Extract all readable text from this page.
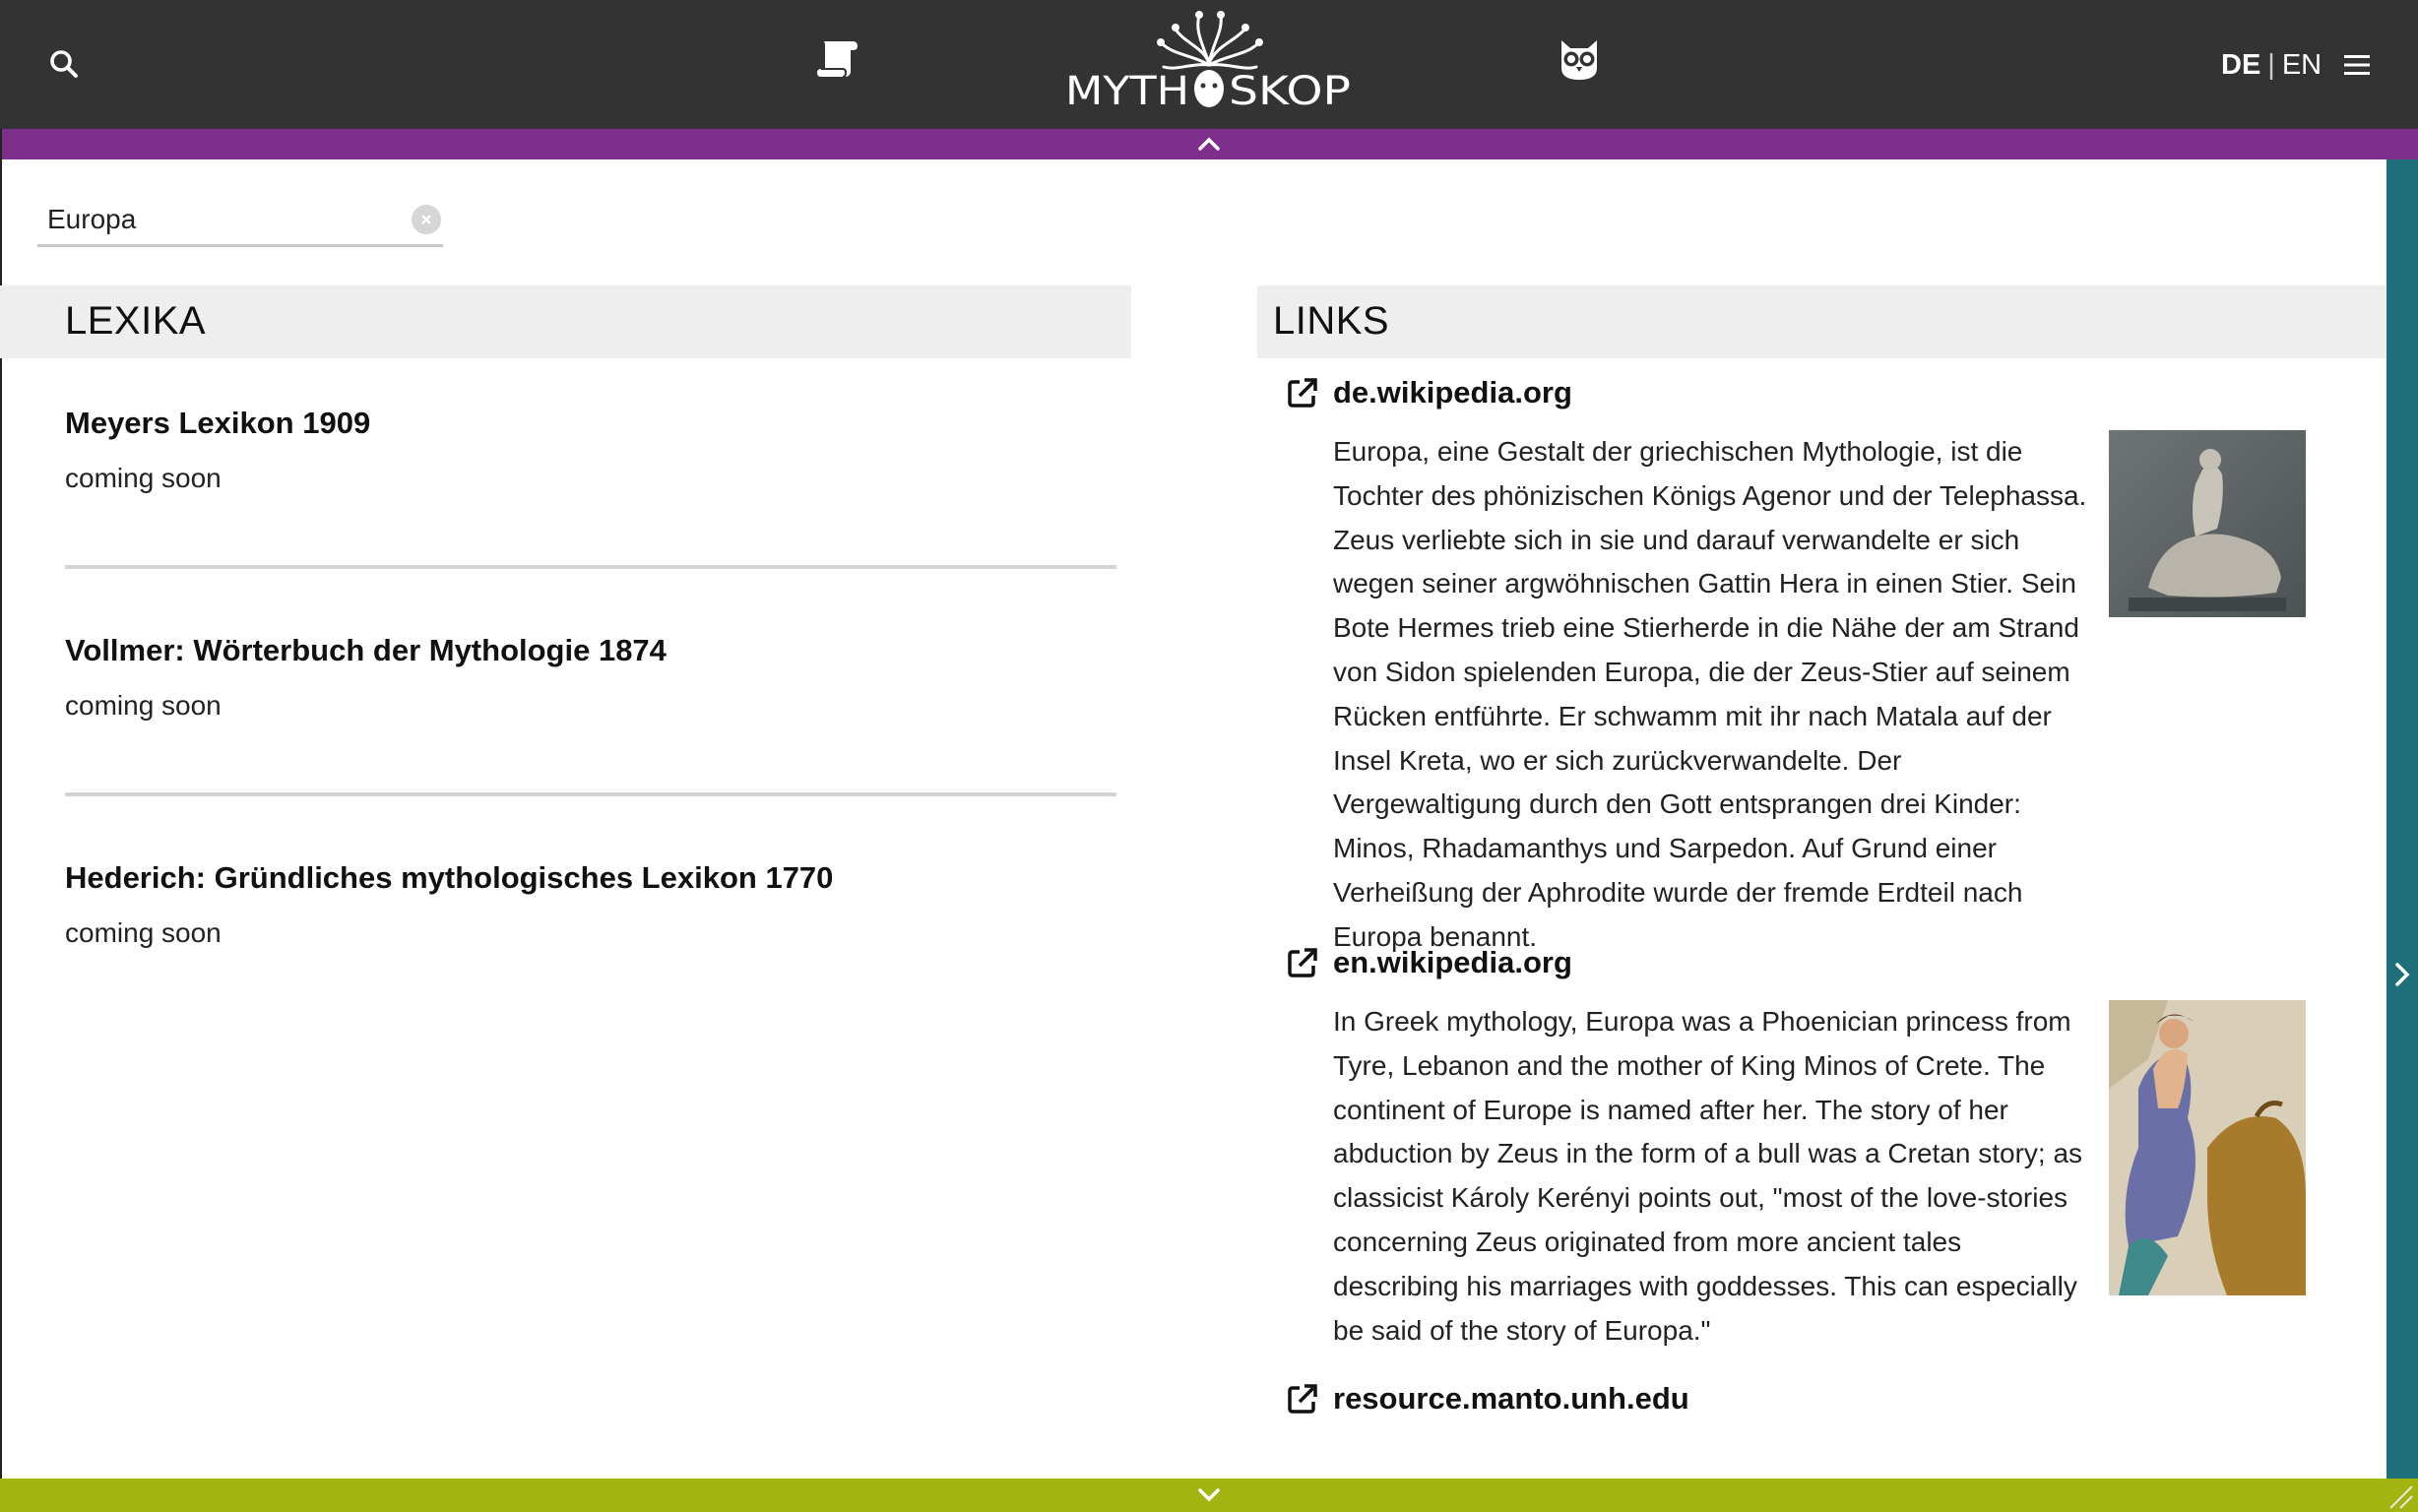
MYTH SKOP
DE | EN
Europa
LEXIKA
Meyers Lexikon 1909
coming soon
Vollmer: Wörterbuch der Mythologie 1874
coming soon
Hederich: Gründliches mythologisches Lexikon 1770
coming soon
LINKS
de.wikipedia.org

Europa, eine Gestalt der griechischen Mythologie, ist die Tochter des phönizischen Königs Agenor und der Telephassa. Zeus verliebte sich in sie und darauf verwandelte er sich wegen seiner argwöhnischen Gattin Hera in einen Stier. Sein Bote Hermes trieb eine Stierherde in die Nähe der am Strand von Sidon spielenden Europa, die der Zeus-Stier auf seinem Rücken entführte. Er schwamm mit ihr nach Matala auf der Insel Kreta, wo er sich zurückverwandelte. Der Vergewaltigung durch den Gott entsprangen drei Kinder: Minos, Rhadamanthys und Sarpedon. Auf Grund einer Verheißung der Aphrodite wurde der fremde Erdteil nach Europa benannt.

en.wikipedia.org

In Greek mythology, Europa was a Phoenician princess from Tyre, Lebanon and the mother of King Minos of Crete. The continent of Europe is named after her. The story of her abduction by Zeus in the form of a bull was a Cretan story; as classicist Károly Kerényi points out, "most of the love-stories concerning Zeus originated from more ancient tales describing his marriages with goddesses. This can especially be said of the story of Europa."

resource.manto.unh.edu
